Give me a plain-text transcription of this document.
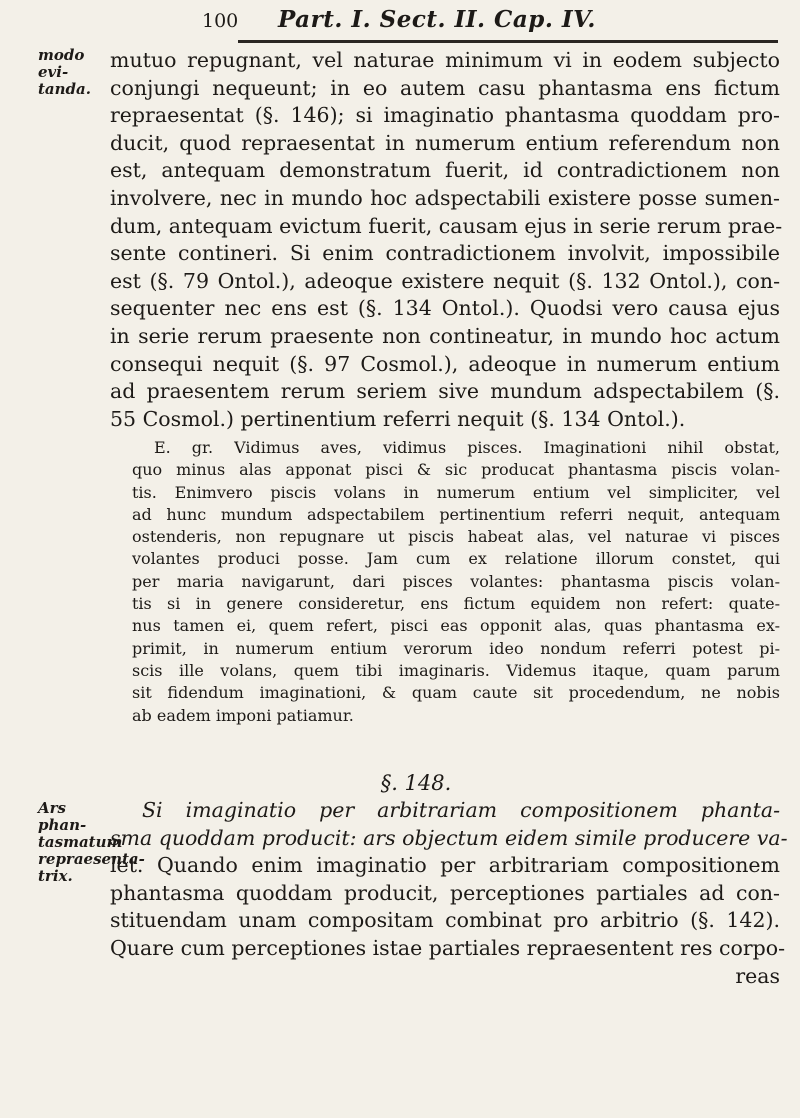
100 Part. I. Sect. II. Cap. IV.
modo evi-
tanda.
mutuo repugnant, vel naturae minimum vi in eodem subjecto
conjungi nequeunt; in eo autem casu phantasma ens fictum
repraesentat (§. 146); si imaginatio phantasma quoddam pro-
ducit, quod repraesentat in numerum entium referendum non
est, antequam demonstratum fuerit, id contradictionem non
involvere, nec in mundo hoc adspectabili existere posse sumen-
dum, antequam evictum fuerit, causam ejus in serie rerum prae-
sente contineri. Si enim contradictionem involvit, impossibile
est (§. 79 Ontol.), adeoque existere nequit (§. 132 Ontol.), con-
sequenter nec ens est (§. 134 Ontol.). Quodsi vero causa ejus
in serie rerum praesente non contineatur, in mundo hoc actum
consequi nequit (§. 97 Cosmol.), adeoque in numerum entium
ad praesentem rerum seriem sive mundum adspectabilem (§.
55 Cosmol.) pertinentium referri nequit (§. 134 Ontol.).
E. gr. Vidimus aves, vidimus pisces. Imaginationi nihil obstat,
quo minus alas apponat pisci & sic producat phantasma piscis volan-
tis. Enimvero piscis volans in numerum entium vel simpliciter, vel
ad hunc mundum adspectabilem pertinentium referri nequit, antequam
ostenderis, non repugnare ut piscis habeat alas, vel naturae vi pisces
volantes produci posse. Jam cum ex relatione illorum constet, qui
per maria navigarunt, dari pisces volantes: phantasma piscis volan-
tis si in genere consideretur, ens fictum equidem non refert: quate-
nus tamen ei, quem refert, pisci eas opponit alas, quas phantasma ex-
primit, in numerum entium verorum ideo nondum referri potest pi-
scis ille volans, quem tibi imaginaris. Videmus itaque, quam parum
sit fidendum imaginationi, & quam caute sit procedendum, ne nobis
ab eadem imponi patiamur.
§. 148.
Ars phan-
tasmatum
repraesenta-
trix.
Si imaginatio per arbitrariam compositionem phanta-
sma quoddam producit: ars objectum eidem simile producere va-
let. Quando enim imaginatio per arbitrariam compositionem
phantasma quoddam producit, perceptiones partiales ad con-
stituendam unam compositam combinat pro arbitrio (§. 142).
Quare cum perceptiones istae partiales repraesentent res corpo-
reas
